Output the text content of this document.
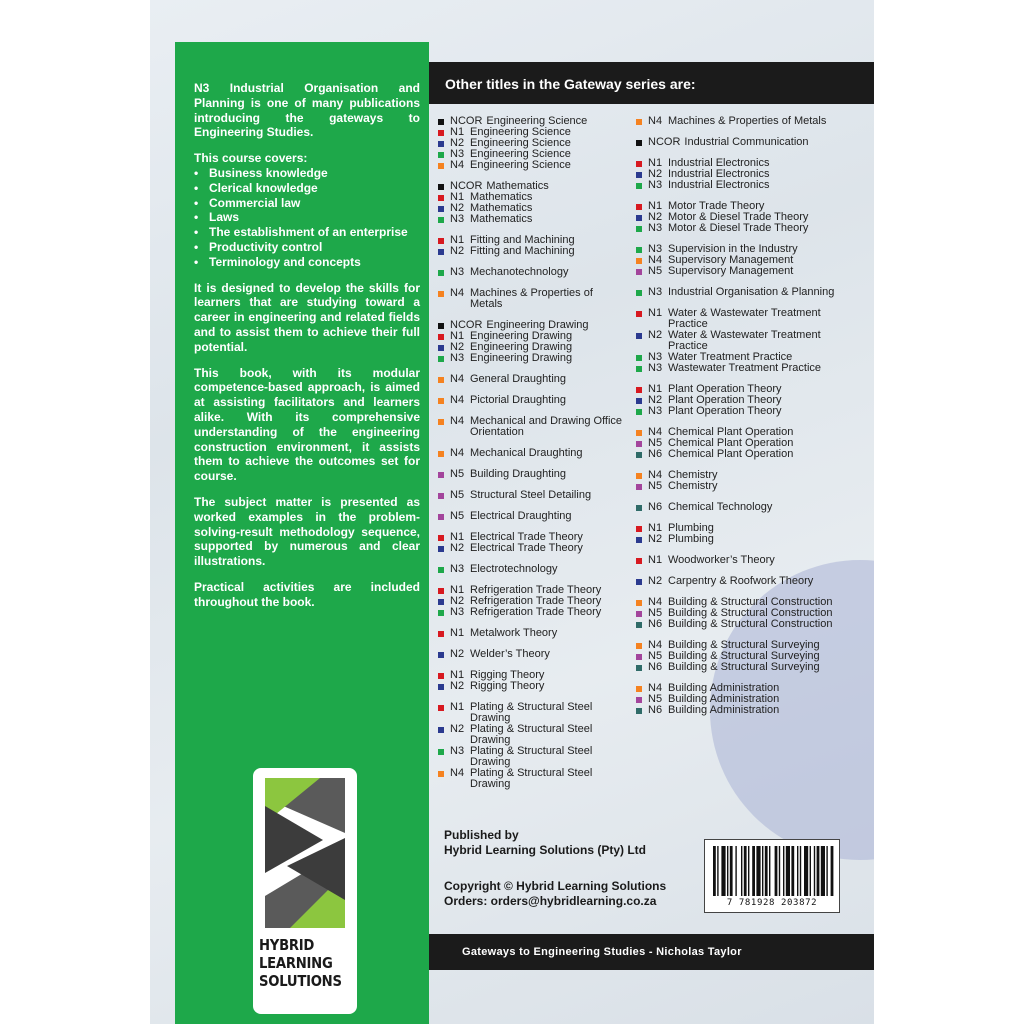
N3 Industrial Organisation and Planning is one of many publications introducing the gateways to Engineering Studies.

This course covers:

• Business knowledge
• Clerical knowledge
• Commercial law
• Laws
• The establishment of an enterprise
• Productivity control
• Terminology and concepts

It is designed to develop the skills for learners that are studying toward a career in engineering and related fields and to assist them to achieve their full potential.

This book, with its modular competence-based approach, is aimed at assisting facilitators and learners alike. With its comprehensive understanding of the engineering construction environment, it assists them to achieve the outcomes set for course.

The subject matter is presented as worked examples in the problem-solving-result methodology sequence, supported by numerous and clear illustrations.

Practical activities are included throughout the book.

HYBRID
LEARNING
SOLUTIONS
Other titles in the Gateway series are:
NCOR Engineering Science
N1 Engineering Science
N2 Engineering Science
N3 Engineering Science
N4 Engineering Science
NCOR Mathematics
N1 Mathematics
N2 Mathematics
N3 Mathematics
N1 Fitting and Machining
N2 Fitting and Machining
N3 Mechanotechnology
N4 Machines & Properties of Metals
NCOR Engineering Drawing
N1 Engineering Drawing
N2 Engineering Drawing
N3 Engineering Drawing
N4 General Draughting
N4 Pictorial Draughting
N4 Mechanical and Drawing Office Orientation
N4 Mechanical Draughting
N5 Building Draughting
N5 Structural Steel Detailing
N5 Electrical Draughting
N1 Electrical Trade Theory
N2 Electrical Trade Theory
N3 Electrotechnology
N1 Refrigeration Trade Theory
N2 Refrigeration Trade Theory
N3 Refrigeration Trade Theory
N1 Metalwork Theory
N2 Welder’s Theory
N1 Rigging Theory
N2 Rigging Theory
N1 Plating & Structural Steel Drawing
N2 Plating & Structural Steel Drawing
N3 Plating & Structural Steel Drawing
N4 Plating & Structural Steel Drawing
N4 Machines & Properties of Metals
NCOR Industrial Communication
N1 Industrial Electronics
N2 Industrial Electronics
N3 Industrial Electronics
N1 Motor Trade Theory
N2 Motor & Diesel Trade Theory
N3 Motor & Diesel Trade Theory
N3 Supervision in the Industry
N4 Supervisory Management
N5 Supervisory Management
N3 Industrial Organisation & Planning
N1 Water & Wastewater Treatment Practice
N2 Water & Wastewater Treatment Practice
N3 Water Treatment Practice
N3 Wastewater Treatment Practice
N1 Plant Operation Theory
N2 Plant Operation Theory
N3 Plant Operation Theory
N4 Chemical Plant Operation
N5 Chemical Plant Operation
N6 Chemical Plant Operation
N4 Chemistry
N5 Chemistry
N6 Chemical Technology
N1 Plumbing
N2 Plumbing
N1 Woodworker’s Theory
N2 Carpentry & Roofwork Theory
N4 Building & Structural Construction
N5 Building & Structural Construction
N6 Building & Structural Construction
N4 Building & Structural Surveying
N5 Building & Structural Surveying
N6 Building & Structural Surveying
N4 Building Administration
N5 Building Administration
N6 Building Administration
Published by
Hybrid Learning Solutions (Pty) Ltd
Copyright © Hybrid Learning Solutions
Orders: orders@hybridlearning.co.za	7 781928 203872
Gateways to Engineering Studies - Nicholas Taylor
